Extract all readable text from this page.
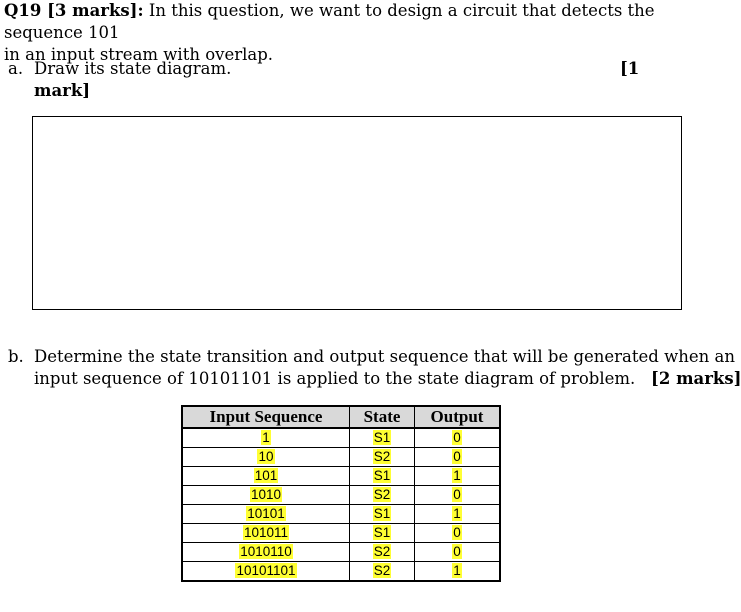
Q19 [3 marks]: In this question, we want to design a circuit that detects the sequence 101
in an input stream with overlap.
a. Draw its state diagram.	[1
mark]
b. Determine the state transition and output sequence that will be generated when an
input sequence of 10101101 is applied to the state diagram of problem. [2 marks]
Input Sequence	State	Output
1	S1	0
10	S2	0
101	S1	1
1010	S2	0
10101	S1	1
101011	S1	0
1010110	S2	0
10101101	S2	1
